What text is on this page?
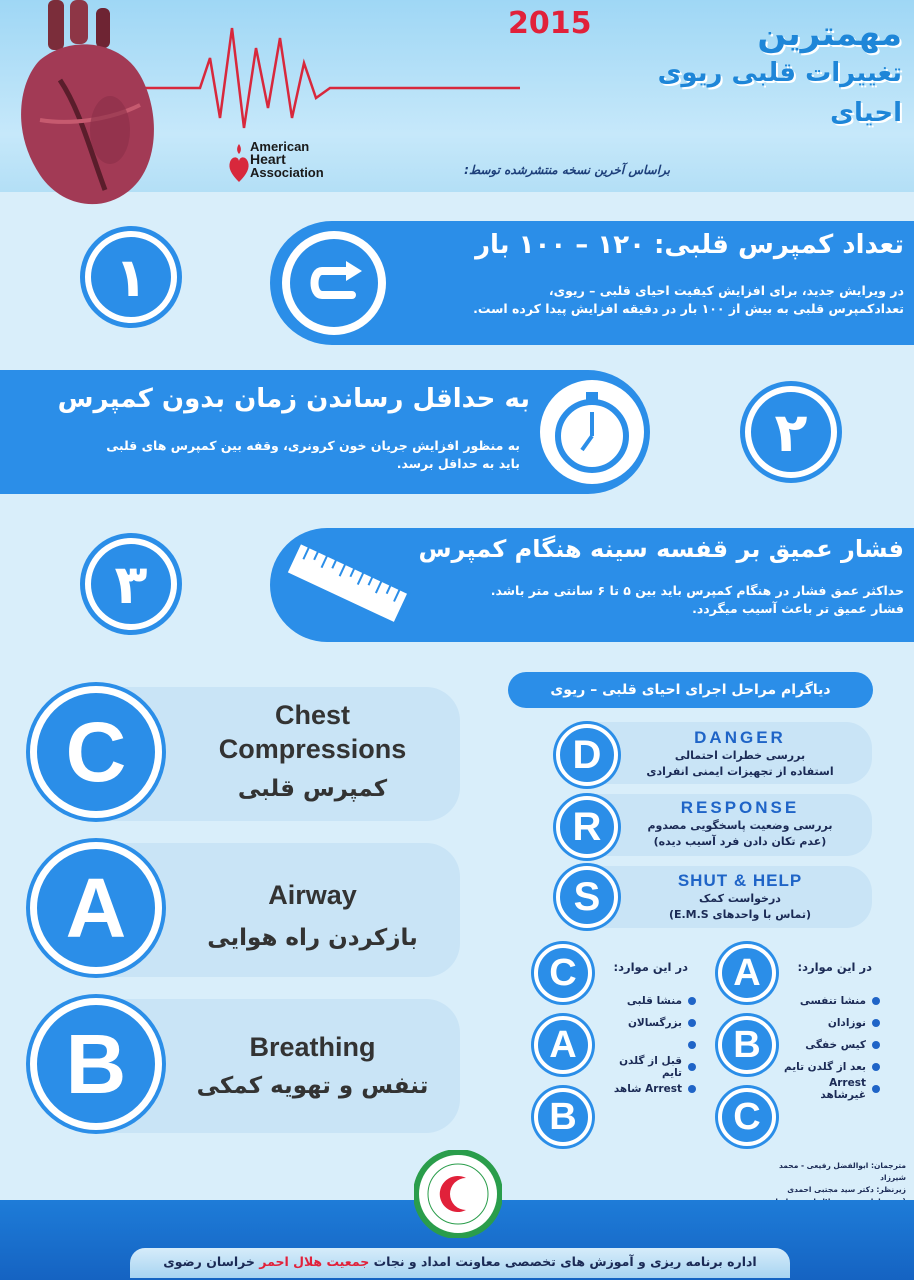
2015	مهمترین
تغییرات قلبی ریوی
احیای
American
Heart
Association	براساس آخرین نسخه منتشرشده توسط:
۱
تعداد کمپرس قلبی: ۱۲۰ – ۱۰۰ بار
در ویرایش جدید، برای افزایش کیفیت احیای قلبی – ریوی،
تعدادکمپرس قلبی به بیش از ۱۰۰ بار در دقیقه افزایش پیدا کرده است.
۲
به حداقل رساندن زمان بدون کمپرس
به منظور افزایش جریان خون کرونری، وقفه بین کمپرس های قلبی
باید به حداقل برسد.
۳
فشار عمیق بر قفسه سینه هنگام کمپرس
حداکثر عمق فشار در هنگام کمپرس باید بین ۵ تا ۶ سانتی متر باشد.
فشار عمیق تر باعث آسیب میگردد.
C	Chest
Compressions
کمپرس قلبی
A	Airway
بازکردن راه هوایی
B	Breathing
تنفس و تهویه کمکی
دیاگرام مراحل اجرای احیای قلبی – ریوی
D	DANGER
بررسی خطرات احتمالی
استفاده از تجهیزات ایمنی انفرادی
R	RESPONSE
بررسی وضعیت پاسخگویی مصدوم
(عدم تکان دادن فرد آسیب دیده)
S	SHUT & HELP
درخواست کمک
(تماس با واحدهای E.M.S)
A
B
C
در این موارد:
منشا تنفسی
نوزادان
کیس خفگی
بعد از گلدن تایم
Arrest غیرشاهد
C
A
B
در این موارد:
منشا قلبی
بزرگسالان
قبل از گلدن تایم
Arrest شاهد
مترجمان: ابوالفضل رفیعی - محمد شیرزاد
زیرنظر: دکتر سید مجتبی احمدی
اداره برنامه ریزی و آموزش های تخصصی معاونت امداد و نجات جمعیت هلال احمر خراسان رضوی
